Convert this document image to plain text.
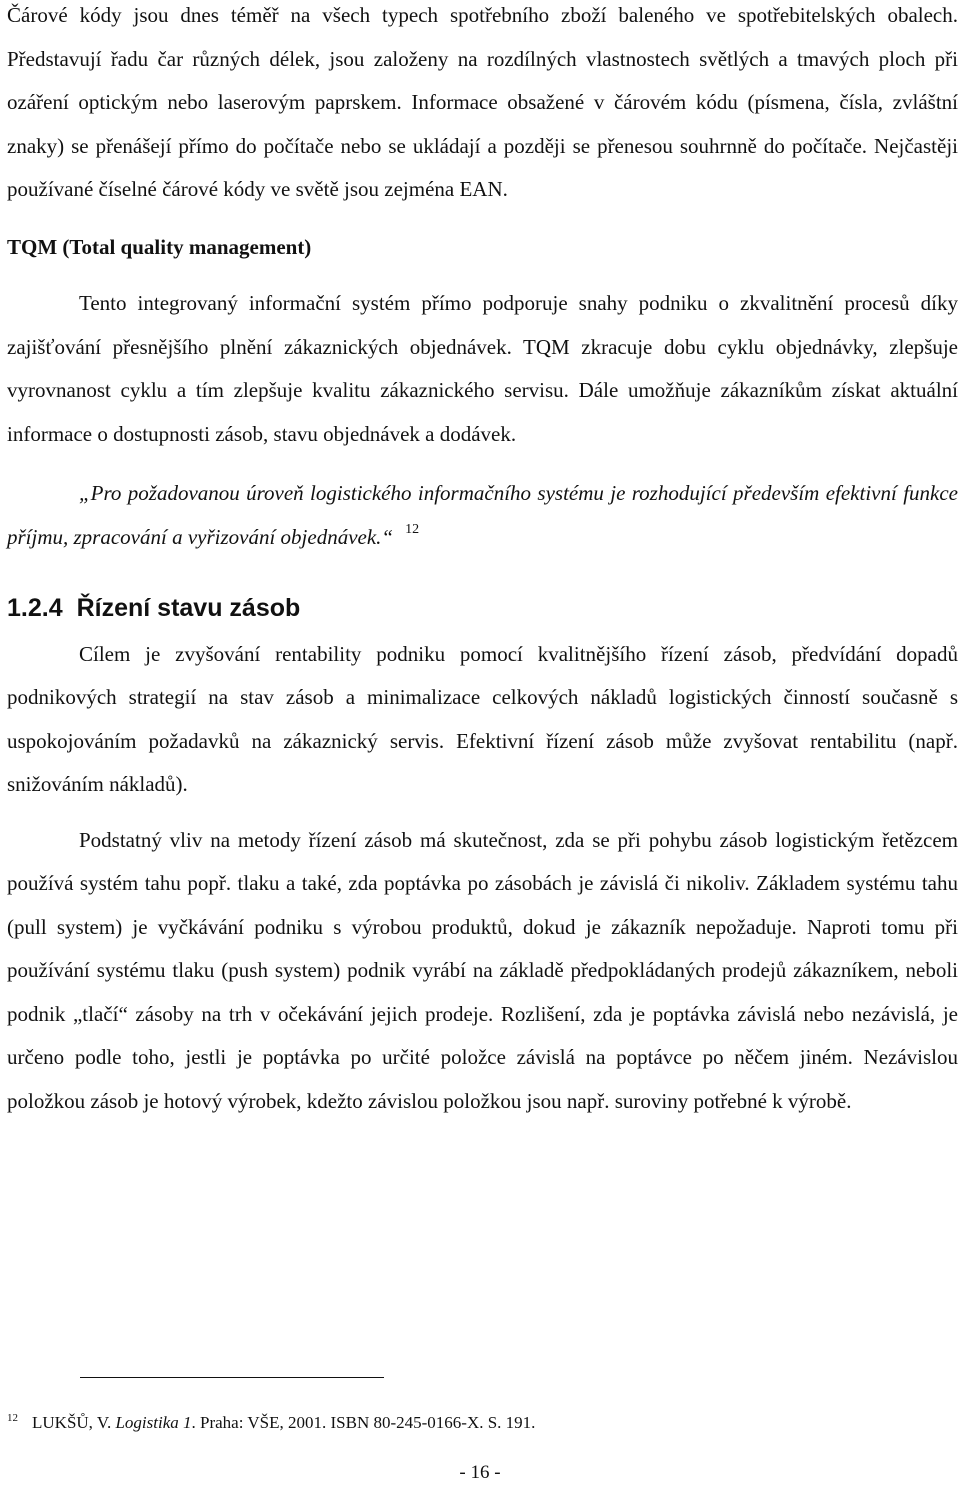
Čárové kódy jsou dnes téměř na všech typech spotřebního zboží baleného ve spotřebitelských obalech. Představují řadu čar různých délek, jsou založeny na rozdílných vlastnostech světlých a tmavých ploch při ozáření optickým nebo laserovým paprskem. Informace obsažené v čárovém kódu (písmena, čísla, zvláštní znaky) se přenášejí přímo do počítače nebo se ukládají a později se přenesou souhrnně do počítače. Nejčastěji používané číselné čárové kódy ve světě jsou zejména EAN.

TQM (Total quality management)

Tento integrovaný informační systém přímo podporuje snahy podniku o zkvalitnění procesů díky zajišťování přesnějšího plnění zákaznických objednávek. TQM zkracuje dobu cyklu objednávky, zlepšuje vyrovnanost cyklu a tím zlepšuje kvalitu zákaznického servisu. Dále umožňuje zákazníkům získat aktuální informace o dostupnosti zásob, stavu objednávek a dodávek.

„Pro požadovanou úroveň logistického informačního systému je rozhodující především efektivní funkce příjmu, zpracování a vyřizování objednávek.“ $^{12}$

1.2.4 Řízení stavu zásob

Cílem je zvyšování rentability podniku pomocí kvalitnějšího řízení zásob, předvídání dopadů podnikových strategií na stav zásob a minimalizace celkových nákladů logistických činností současně s uspokojováním požadavků na zákaznický servis. Efektivní řízení zásob může zvyšovat rentabilitu (např. snižováním nákladů).

Podstatný vliv na metody řízení zásob má skutečnost, zda se při pohybu zásob logistickým řetězcem používá systém tahu popř. tlaku a také, zda poptávka po zásobách je závislá či nikoliv. Základem systému tahu (pull system) je vyčkávání podniku s výrobou produktů, dokud je zákazník nepožaduje. Naproti tomu při používání systému tlaku (push system) podnik vyrábí na základě předpokládaných prodejů zákazníkem, neboli podnik „tlačí“ zásoby na trh v očekávání jejich prodeje. Rozlišení, zda je poptávka závislá nebo nezávislá, je určeno podle toho, jestli je poptávka po určité položce závislá na poptávce po něčem jiném. Nezávislou položkou zásob je hotový výrobek, kdežto závislou položkou jsou např. suroviny potřebné k výrobě.

$^{12}$ LUKŠŮ, V. Logistika 1. Praha: VŠE, 2001. ISBN 80-245-0166-X. S. 191.
- 16 -
